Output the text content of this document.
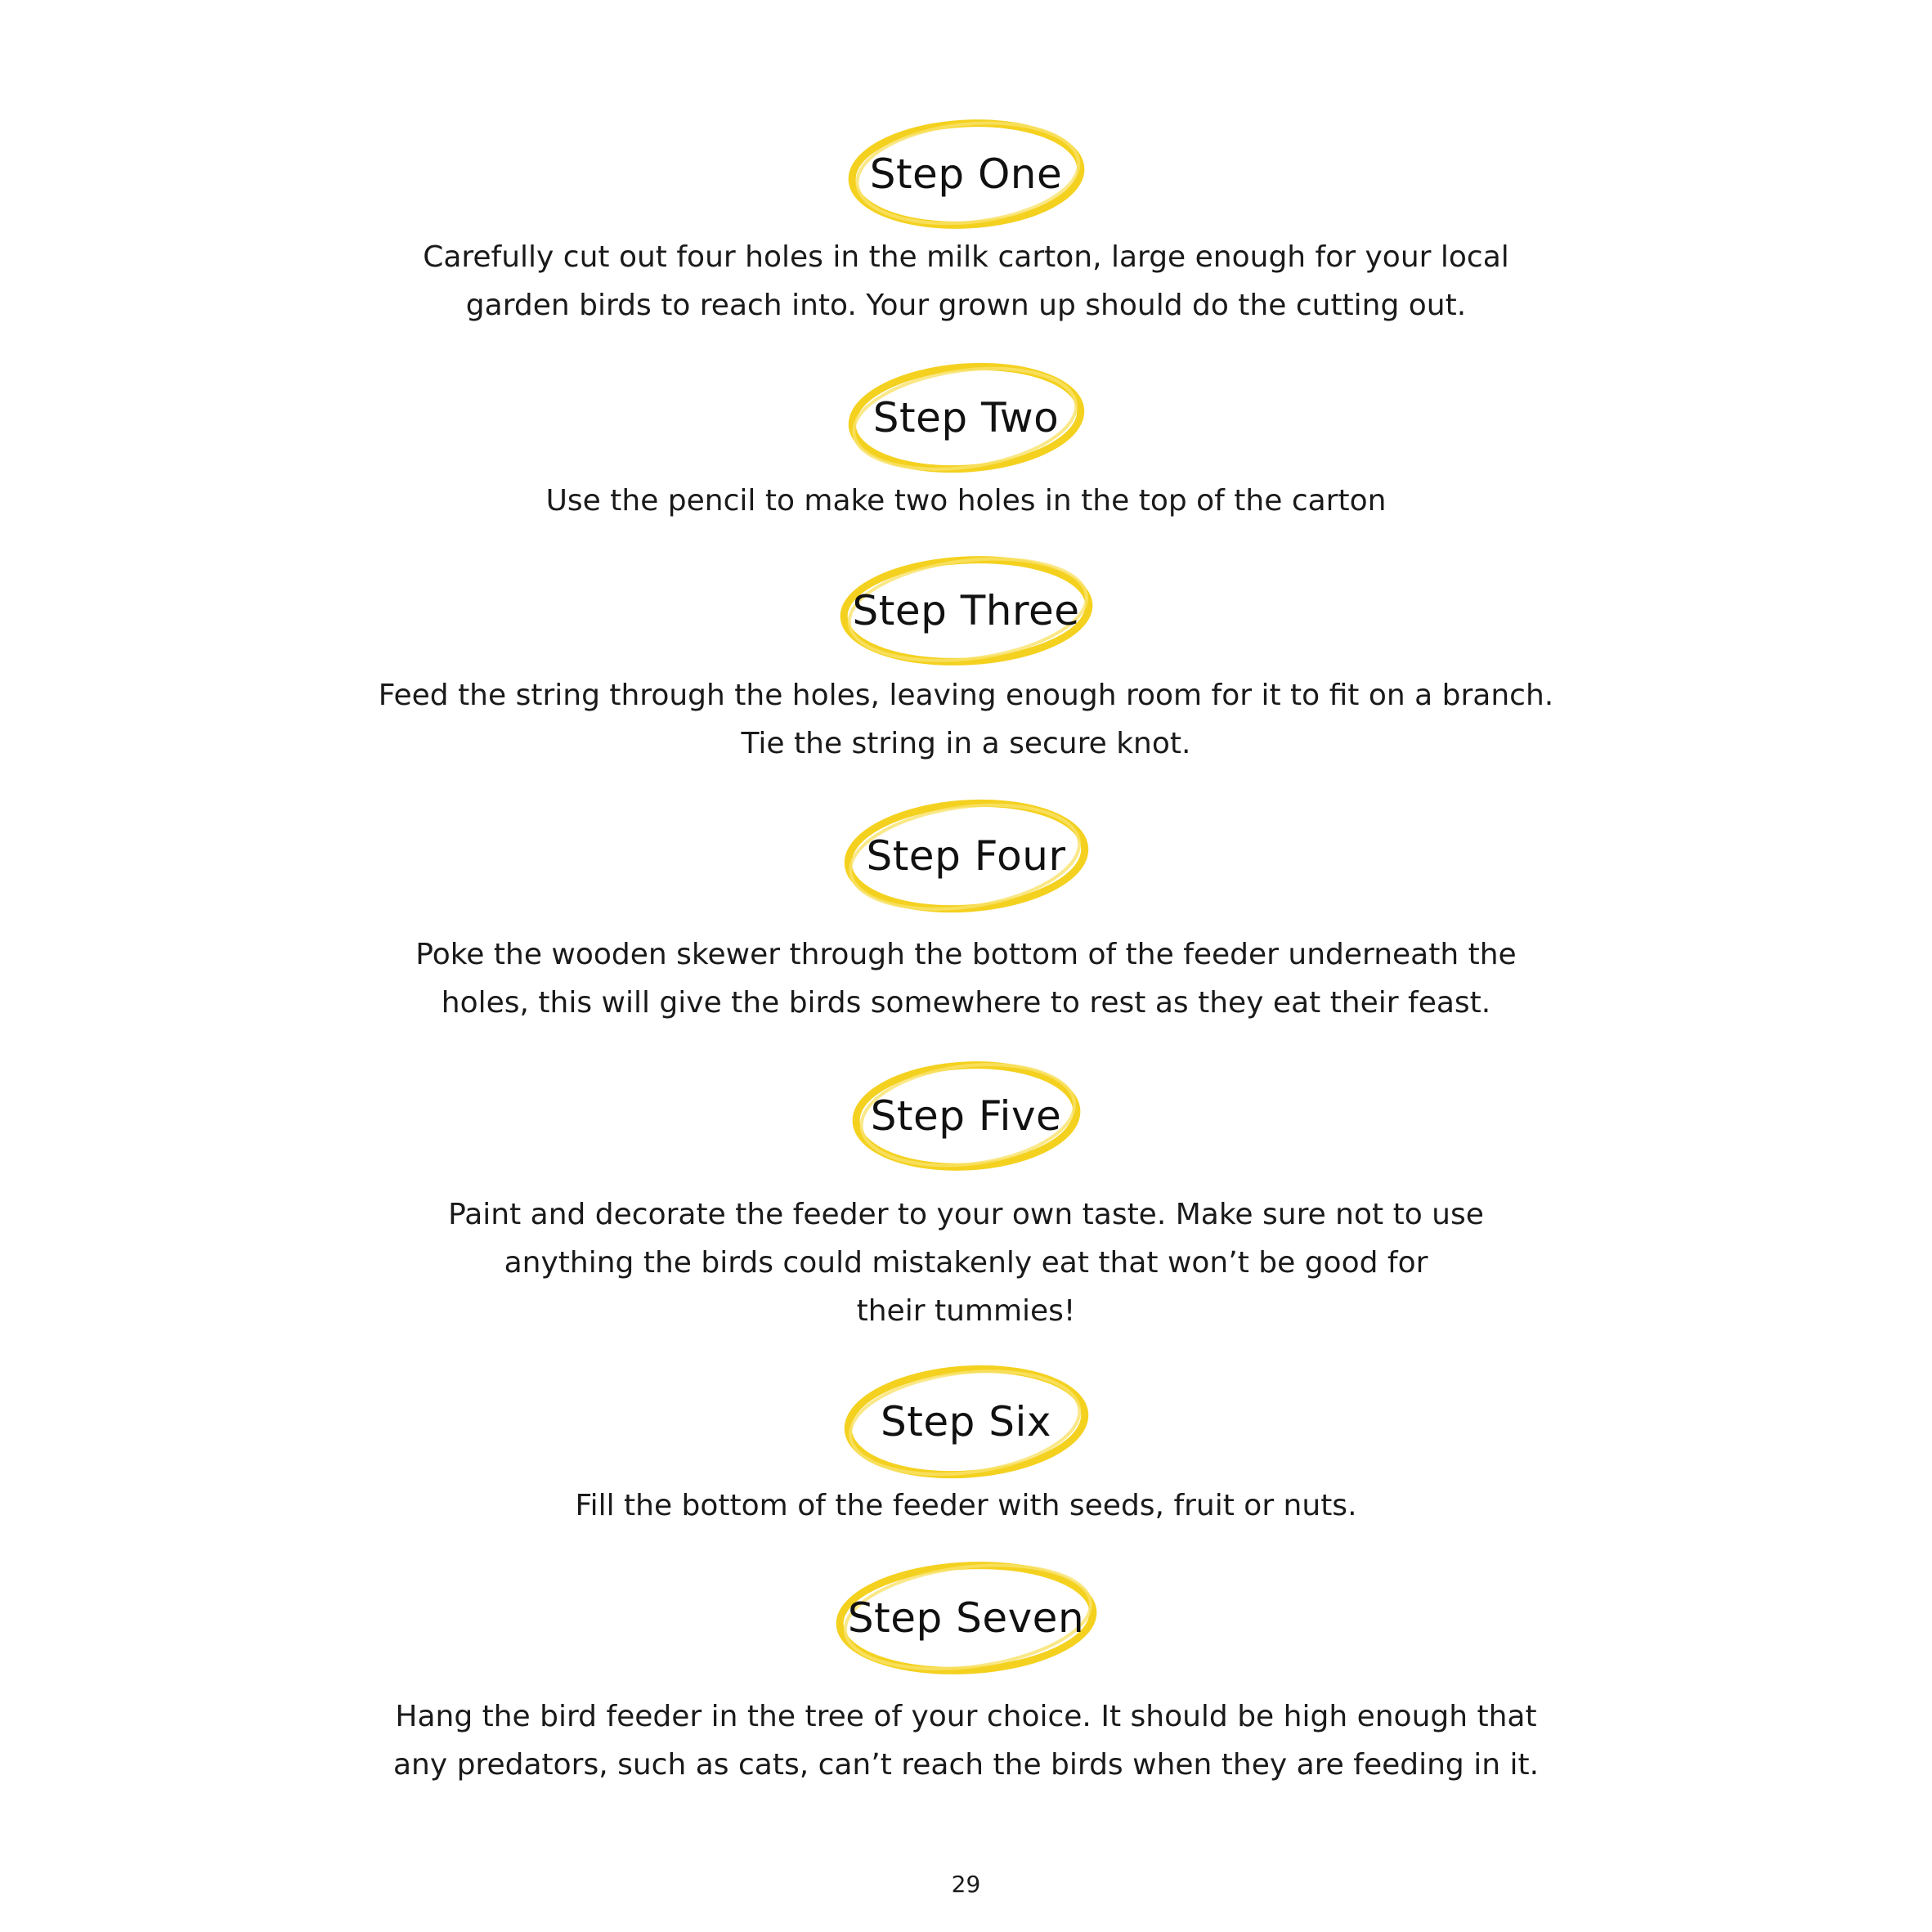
Step One

Carefully cut out four holes in the milk carton, large enough for your local
garden birds to reach into. Your grown up should do the cutting out.

Step Two

Use the pencil to make two holes in the top of the carton

Step Three

Feed the string through the holes, leaving enough room for it to fit on a branch.
Tie the string in a secure knot.

Step Four

Poke the wooden skewer through the bottom of the feeder underneath the
holes, this will give the birds somewhere to rest as they eat their feast.

Step Five

Paint and decorate the feeder to your own taste. Make sure not to use
anything the birds could mistakenly eat that won’t be good for
their tummies!

Step Six

Fill the bottom of the feeder with seeds, fruit or nuts.

Step Seven

Hang the bird feeder in the tree of your choice. It should be high enough that
any predators, such as cats, can’t reach the birds when they are feeding in it.

29
